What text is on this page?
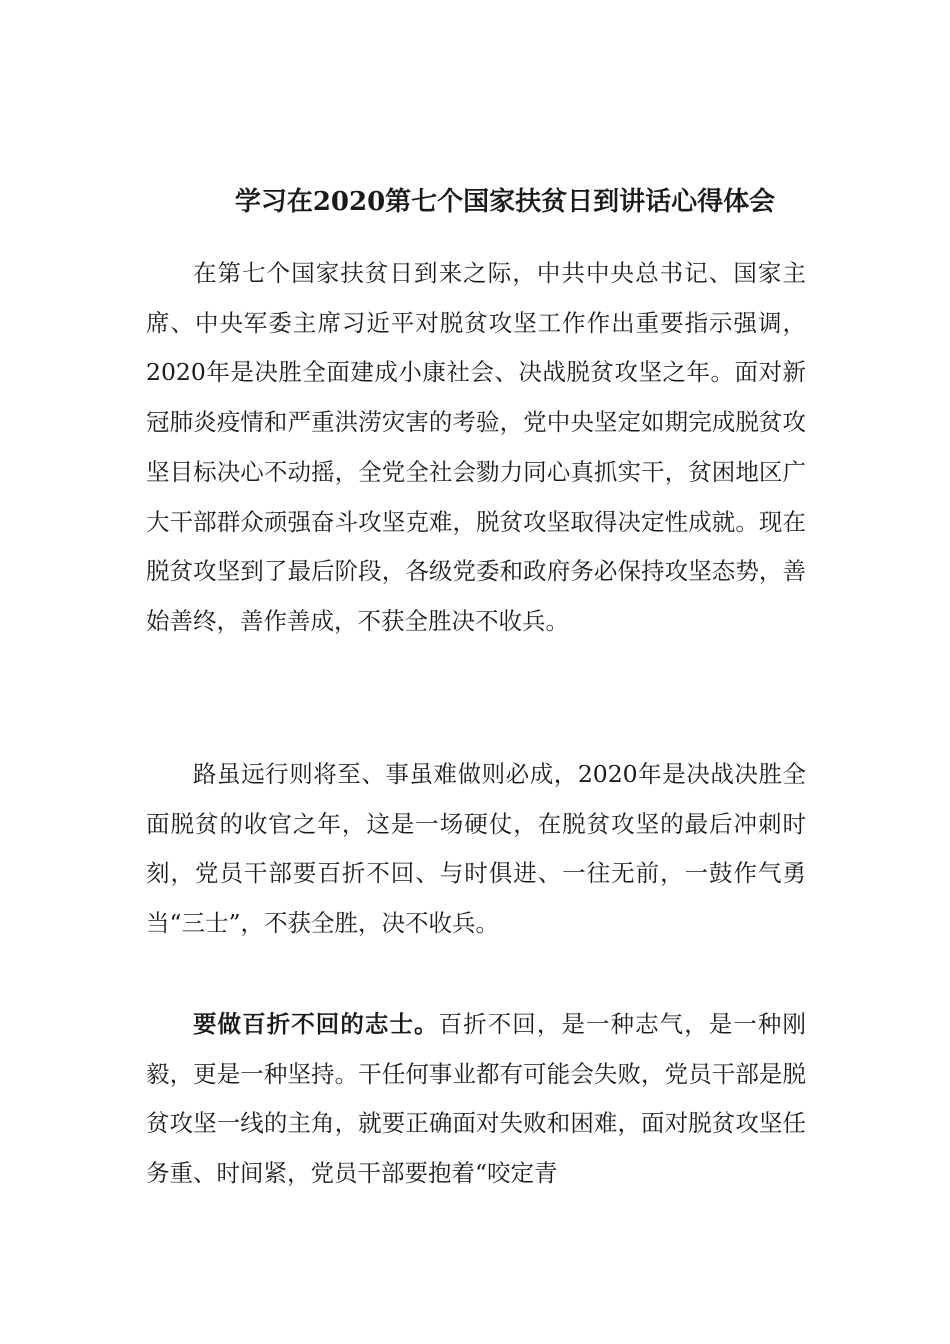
学习在2020第七个国家扶贫日到讲话心得体会

在第七个国家扶贫日到来之际，中共中央总书记、国家主席、中央军委主席习近平对脱贫攻坚工作作出重要指示强调，2020年是决胜全面建成小康社会、决战脱贫攻坚之年。面对新冠肺炎疫情和严重洪涝灾害的考验，党中央坚定如期完成脱贫攻坚目标决心不动摇，全党全社会勠力同心真抓实干，贫困地区广大干部群众顽强奋斗攻坚克难，脱贫攻坚取得决定性成就。现在脱贫攻坚到了最后阶段，各级党委和政府务必保持攻坚态势，善始善终，善作善成，不获全胜决不收兵。

路虽远行则将至、事虽难做则必成，2020年是决战决胜全面脱贫的收官之年，这是一场硬仗，在脱贫攻坚的最后冲刺时刻，党员干部要百折不回、与时俱进、一往无前，一鼓作气勇当“三士”，不获全胜，决不收兵。

要做百折不回的志士。百折不回，是一种志气，是一种刚毅，更是一种坚持。干任何事业都有可能会失败，党员干部是脱贫攻坚一线的主角，就要正确面对失败和困难，面对脱贫攻坚任务重、时间紧，党员干部要抱着“咬定青
